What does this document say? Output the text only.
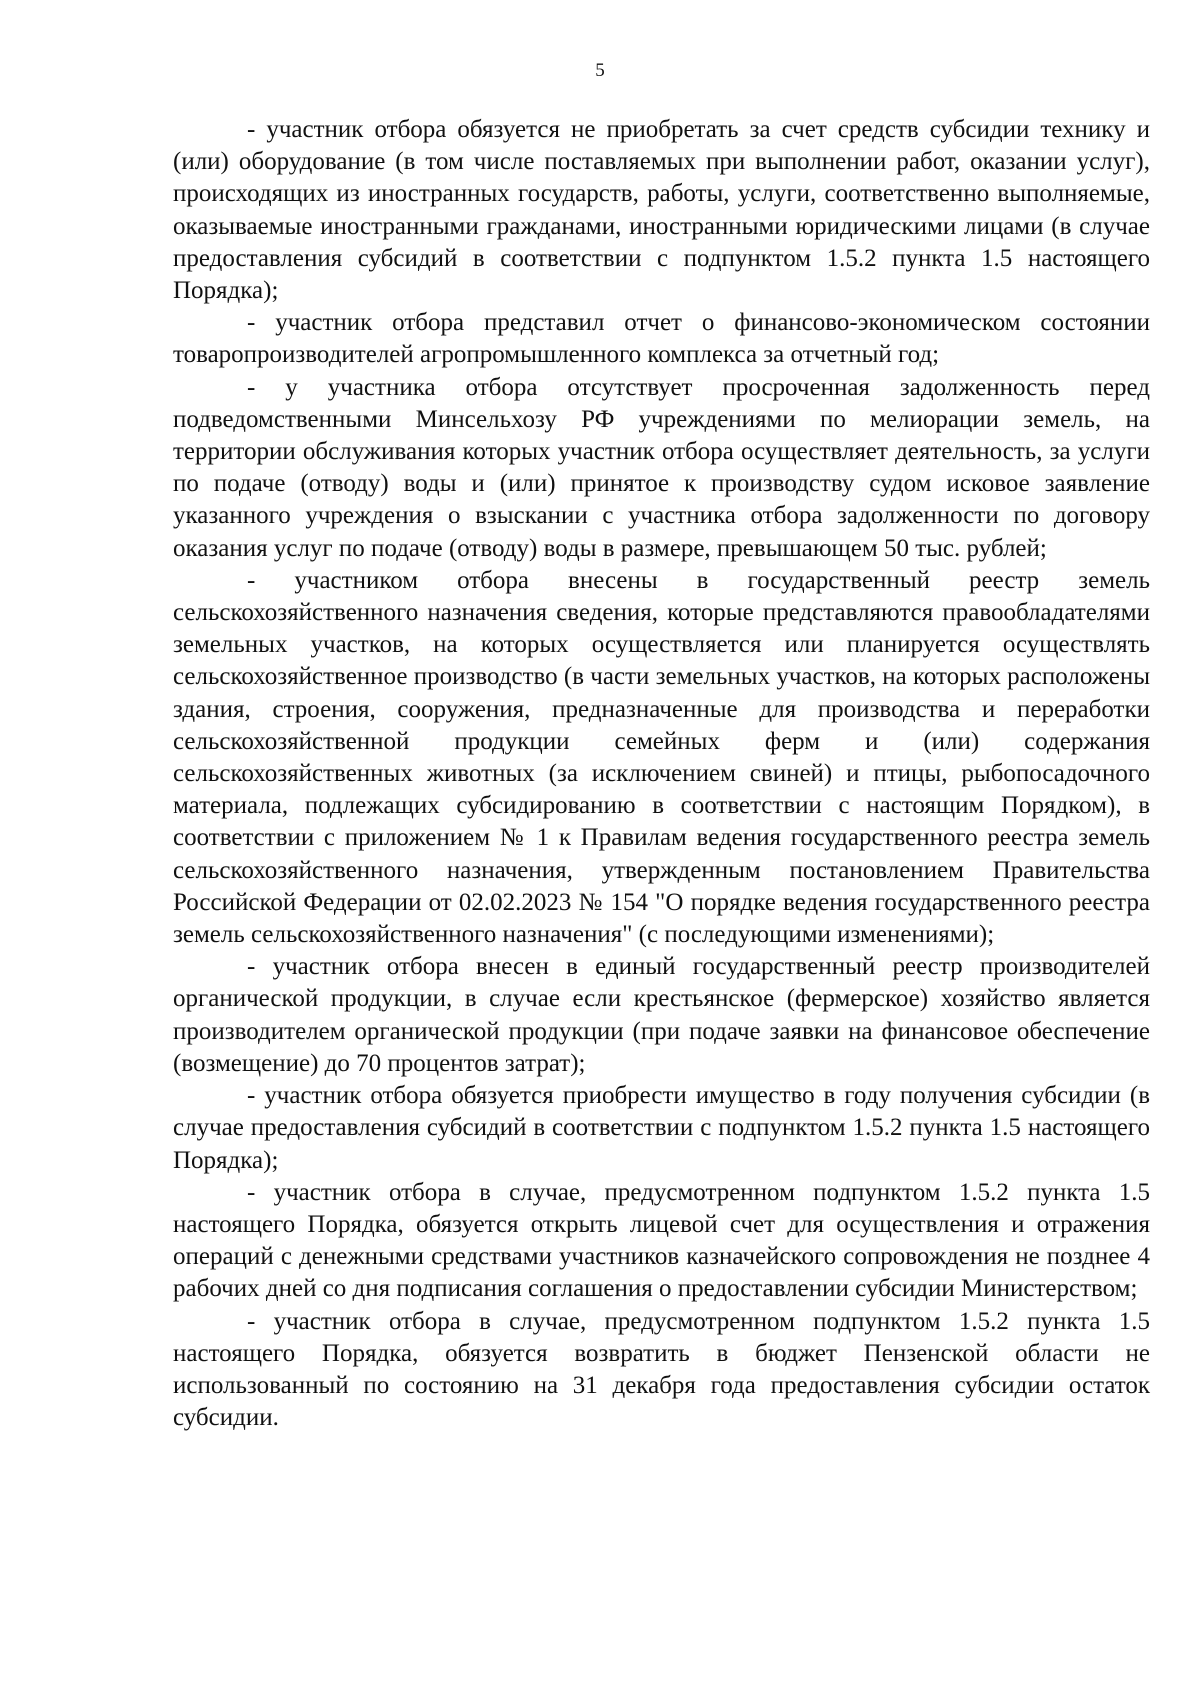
5

- участник отбора обязуется не приобретать за счет средств субсидии технику и (или) оборудование (в том числе поставляемых при выполнении работ, оказании услуг), происходящих из иностранных государств, работы, услуги, соответственно выполняемые, оказываемые иностранными гражданами, иностранными юридическими лицами (в случае предоставления субсидий в соответствии с подпунктом 1.5.2 пункта 1.5 настоящего Порядка);

- участник отбора представил отчет о финансово-экономическом состоянии товаропроизводителей агропромышленного комплекса за отчетный год;

- у участника отбора отсутствует просроченная задолженность перед подведомственными Минсельхозу РФ учреждениями по мелиорации земель, на территории обслуживания которых участник отбора осуществляет деятельность, за услуги по подаче (отводу) воды и (или) принятое к производству судом исковое заявление указанного учреждения о взыскании с участника отбора задолженности по договору оказания услуг по подаче (отводу) воды в размере, превышающем 50 тыс. рублей;

- участником отбора внесены в государственный реестр земель сельскохозяйственного назначения сведения, которые представляются правообладателями земельных участков, на которых осуществляется или планируется осуществлять сельскохозяйственное производство (в части земельных участков, на которых расположены здания, строения, сооружения, предназначенные для производства и переработки сельскохозяйственной продукции семейных ферм и (или) содержания сельскохозяйственных животных (за исключением свиней) и птицы, рыбопосадочного материала, подлежащих субсидированию в соответствии с настоящим Порядком), в соответствии с приложением № 1 к Правилам ведения государственного реестра земель сельскохозяйственного назначения, утвержденным постановлением Правительства Российской Федерации от 02.02.2023 № 154 "О порядке ведения государственного реестра земель сельскохозяйственного назначения" (с последующими изменениями);

- участник отбора внесен в единый государственный реестр производителей органической продукции, в случае если крестьянское (фермерское) хозяйство является производителем органической продукции (при подаче заявки на финансовое обеспечение (возмещение) до 70 процентов затрат);

- участник отбора обязуется приобрести имущество в году получения субсидии (в случае предоставления субсидий в соответствии с подпунктом 1.5.2 пункта 1.5 настоящего Порядка);

- участник отбора в случае, предусмотренном подпунктом 1.5.2 пункта 1.5 настоящего Порядка, обязуется открыть лицевой счет для осуществления и отражения операций с денежными средствами участников казначейского сопровождения не позднее 4 рабочих дней со дня подписания соглашения о предоставлении субсидии Министерством;

- участник отбора в случае, предусмотренном подпунктом 1.5.2 пункта 1.5 настоящего Порядка, обязуется возвратить в бюджет Пензенской области не использованный по состоянию на 31 декабря года предоставления субсидии остаток субсидии.
